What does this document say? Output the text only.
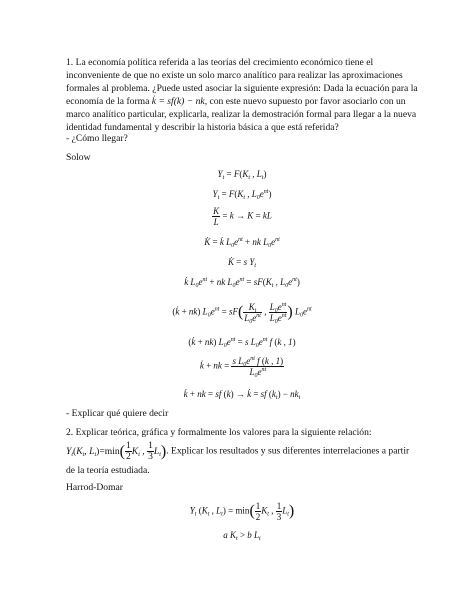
1. La economía política referida a las teorías del crecimiento económico tiene el
inconveniente de que no existe un solo marco analítico para realizar las aproximaciones
formales al problema. ¿Puede usted asociar la siguiente expresión: Dada la ecuación para la
economía de la forma k̇ = sf(k) − nk, con este nuevo supuesto por favor asociarlo con un
marco analítico particular, explicarla, realizar la demostración formal para llegar a la nueva
identidad fundamental y describir la historia básica a que está referida?
- ¿Cómo llegar?
Solow
$Y_t = F(K_t$ , $L_t$)
$Y_t = F(K_t$ , $L_0e^{nt}$)
$\frac{K}{L} = k \to K$ = kL
K̇ = k̇ $L_0e^{nt}$ + nk $L_0e^{nt}$
K̇ = s $Y_t$
k̇ $L_0e^{nt}$ + nk $L_0e^{nt} = sF(K_t$ , $L_0e^{nt}$)
(k̇ + nk) $L_0e^{nt} = sF( \frac{K_t}{L_0e^{nt}}$ , $\frac{L_0e^{nt}}{L_0e^{nt}}$ ) $L_0e^{nt}$
(k̇ + nk) $L_0e^{nt} = s$ $L_0e^{nt}$ f (k , 1)
k̇ + nk = $\frac{s L_0e^{nt} f (k , 1)}{L_0e^{nt}}$
k̇ + nk = sf (k) → k̇ = sf $(k_t) - nk_t$
- Explicar qué quiere decir
2. Explicar teórica, gráfica y formalmente los valores para la siguiente relación:
$Y_t(K_t$, $L_t)=\min( \frac{1}{2} K_t$ , $\frac{1}{3} L_t$). Explicar los resultados y sus diferentes interrelaciones a partir
de la teoría estudiada.
Harrod-Domar
$Y_t$ ($K_t$ , $L_t) = \min( \frac{1}{2} K_t$ , $\frac{1}{3} L_t$)
a $K_t > b$ $L_t$
